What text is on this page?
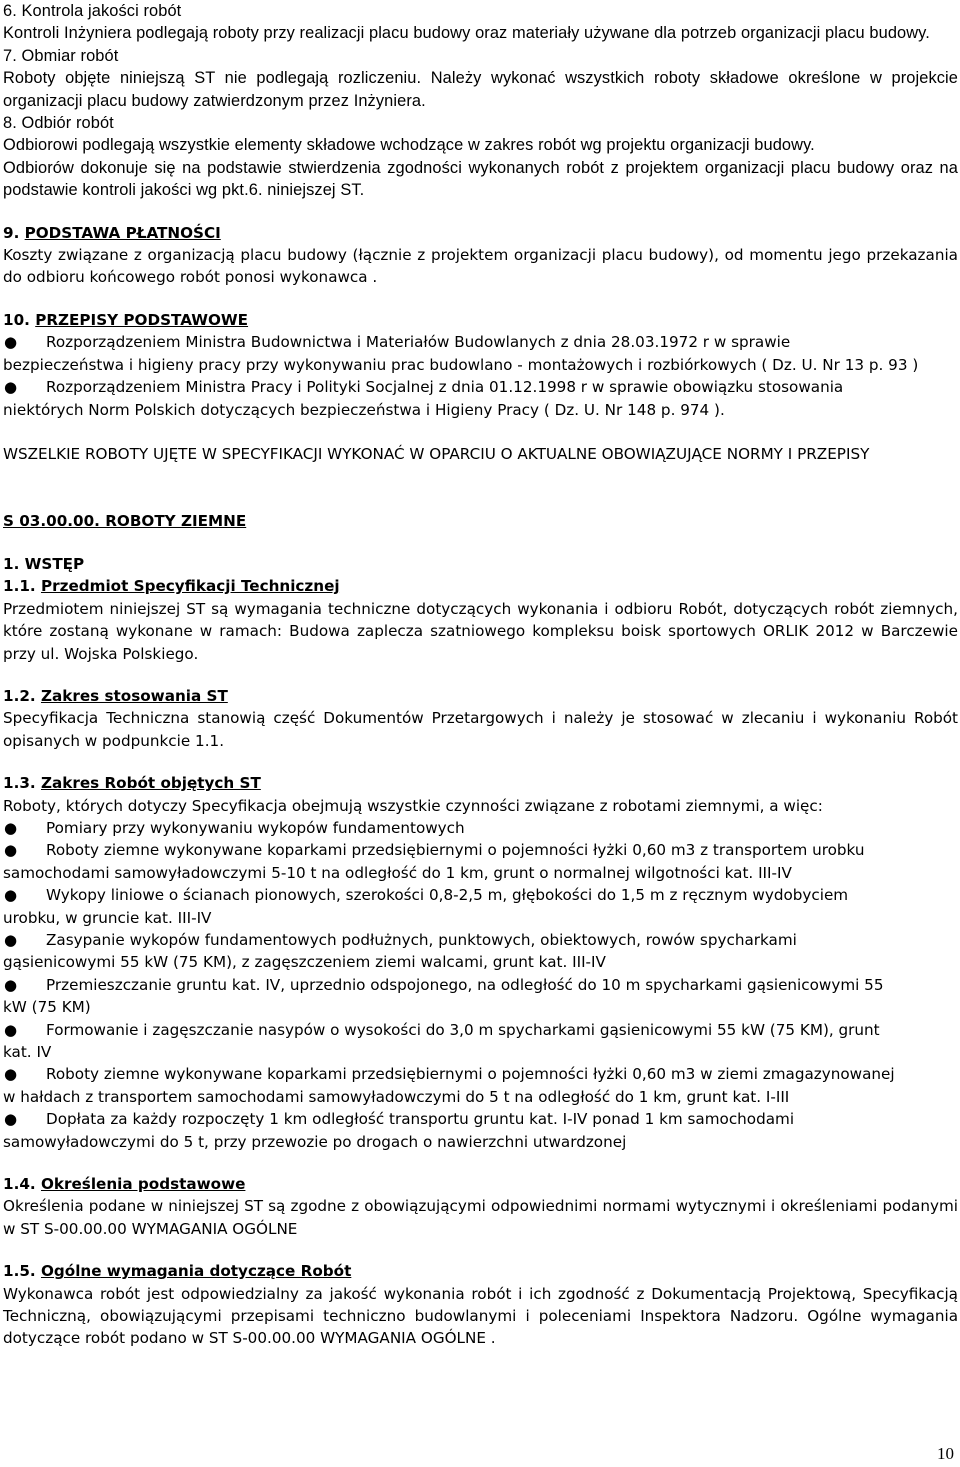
6. Kontrola jakości robót

Kontroli Inżyniera podlegają roboty przy realizacji placu budowy oraz materiały używane dla potrzeb organizacji placu budowy.

7. Obmiar robót

Roboty objęte niniejszą ST nie podlegają rozliczeniu. Należy wykonać wszystkich roboty składowe określone w projekcie organizacji placu budowy zatwierdzonym przez Inżyniera.

8. Odbiór robót

Odbiorowi podlegają wszystkie elementy składowe wchodzące w zakres robót wg projektu organizacji budowy.

Odbiorów dokonuje się na podstawie stwierdzenia zgodności wykonanych robót z projektem organizacji placu budowy oraz na podstawie kontroli jakości wg pkt.6. niniejszej ST.

9. PODSTAWA PŁATNOŚCI

Koszty związane z organizacją placu budowy (łącznie z projektem organizacji placu budowy), od momentu jego przekazania do odbioru końcowego robót ponosi wykonawca .

10. PRZEPISY PODSTAWOWE

●	Rozporządzeniem Ministra Budownictwa i Materiałów Budowlanych z dnia 28.03.1972 r w sprawie
bezpieczeństwa i higieny pracy przy wykonywaniu prac budowlano - montażowych i rozbiórkowych ( Dz. U. Nr 13 p. 93 )
●	Rozporządzeniem Ministra Pracy i Polityki Socjalnej z dnia 01.12.1998 r w sprawie obowiązku stosowania
niektórych Norm Polskich dotyczących bezpieczeństwa i Higieny Pracy ( Dz. U. Nr 148 p. 974 ).

WSZELKIE ROBOTY UJĘTE W SPECYFIKACJI WYKONAĆ W OPARCIU O AKTUALNE OBOWIĄZUJĄCE NORMY I PRZEPISY

S 03.00.00. ROBOTY ZIEMNE

1. WSTĘP

1.1. Przedmiot Specyfikacji Technicznej

Przedmiotem niniejszej ST są wymagania techniczne dotyczących wykonania i odbioru Robót, dotyczących robót ziemnych, które zostaną wykonane w ramach: Budowa zaplecza szatniowego kompleksu boisk sportowych ORLIK 2012 w Barczewie przy ul. Wojska Polskiego.

1.2. Zakres stosowania ST

Specyfikacja Techniczna stanowią część Dokumentów Przetargowych i należy je stosować w zlecaniu i wykonaniu Robót opisanych w podpunkcie 1.1.

1.3. Zakres Robót objętych ST

Roboty, których dotyczy Specyfikacja obejmują wszystkie czynności związane z robotami ziemnymi, a więc:

●	Pomiary przy wykonywaniu wykopów fundamentowych
●	Roboty ziemne wykonywane koparkami przedsiębiernymi o pojemności łyżki 0,60 m3 z transportem urobku
samochodami samowyładowczymi 5-10 t na odległość do 1 km, grunt o normalnej wilgotności kat. III-IV
●	Wykopy liniowe o ścianach pionowych, szerokości 0,8-2,5 m, głębokości do 1,5 m z ręcznym wydobyciem
urobku, w gruncie kat. III-IV
●	Zasypanie wykopów fundamentowych podłużnych, punktowych, obiektowych, rowów spycharkami
gąsienicowymi 55 kW (75 KM), z zagęszczeniem ziemi walcami, grunt kat. III-IV
●	Przemieszczanie gruntu kat. IV, uprzednio odspojonego, na odległość do 10 m spycharkami gąsienicowymi 55
kW (75 KM)
●	Formowanie i zagęszczanie nasypów o wysokości do 3,0 m spycharkami gąsienicowymi 55 kW (75 KM), grunt
kat. IV
●	Roboty ziemne wykonywane koparkami przedsiębiernymi o pojemności łyżki 0,60 m3 w ziemi zmagazynowanej
w hałdach z transportem samochodami samowyładowczymi do 5 t na odległość do 1 km, grunt kat. I-III
●	Dopłata za każdy rozpoczęty 1 km odległość transportu gruntu kat. I-IV ponad 1 km samochodami
samowyładowczymi do 5 t, przy przewozie po drogach o nawierzchni utwardzonej

1.4. Określenia podstawowe

Określenia podane w niniejszej ST są zgodne z obowiązującymi odpowiednimi normami wytycznymi i określeniami podanymi w ST S-00.00.00 WYMAGANIA OGÓLNE

1.5. Ogólne wymagania dotyczące Robót

Wykonawca robót jest odpowiedzialny za jakość wykonania robót i ich zgodność z Dokumentacją Projektową, Specyfikacją Techniczną, obowiązującymi przepisami techniczno budowlanymi i poleceniami Inspektora Nadzoru. Ogólne wymagania dotyczące robót podano w ST S-00.00.00 WYMAGANIA OGÓLNE .

10
